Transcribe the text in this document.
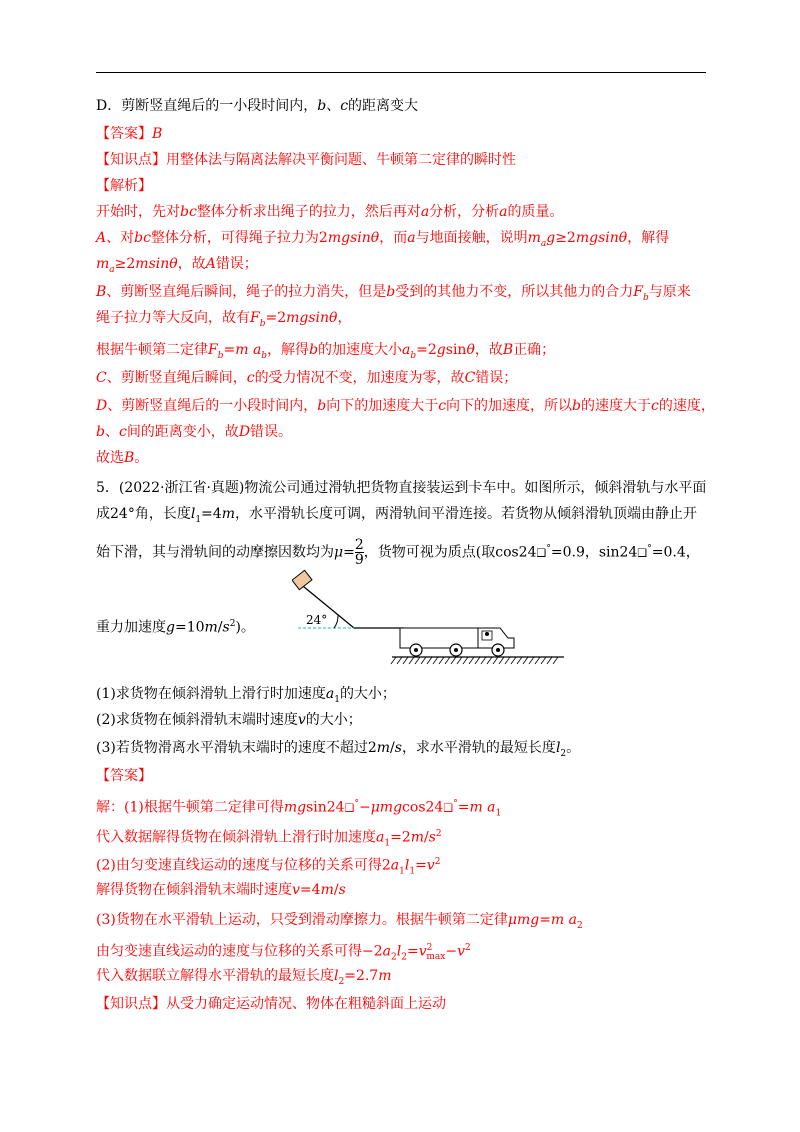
D．剪断竖直绳后的一小段时间内，b、c的距离变大
【答案】B
【知识点】用整体法与隔离法解决平衡问题、牛顿第二定律的瞬时性
【解析】
开始时，先对bc整体分析求出绳子的拉力，然后再对a分析，分析a的质量。
A、对bc整体分析，可得绳子拉力为2mgsinθ，而a与地面接触，说明$m_ag\ge 2mgsin\theta$，解得
$m_a\ge 2msin\theta$，故A错误；
B、剪断竖直绳后瞬间，绳子的拉力消失，但是b受到的其他力不变，所以其他力的合力$F_b$与原来
绳子拉力等大反向，故有$F_b=2mgsin\theta$，
根据牛顿第二定律$F_b=m$ $a_b$，解得b的加速度大小$a_b=2gsin\theta$，故B正确；
C、剪断竖直绳后瞬间，c的受力情况不变，加速度为零，故C错误；
D、剪断竖直绳后的一小段时间内，b向下的加速度大于c向下的加速度，所以b的速度大于c的速度，
b、c间的距离变小，故D错误。
故选B。
5．(2022·浙江省·真题)物流公司通过滑轨把货物直接装运到卡车中。如图所示，倾斜滑轨与水平面
成24°角，长度$l_1=4m$，水平滑轨长度可调，两滑轨间平滑连接。若货物从倾斜滑轨顶端由静止开
始下滑，其与滑轨间的动摩擦因数均为$\mu= \frac{2}{9}$ ，货物可视为质点(取cos24❑°=0.9，sin24❑°=0.4，
重力加速度$g=10m/s^2$)。	24°
(1)求货物在倾斜滑轨上滑行时加速度$a_1$的大小；
(2)求货物在倾斜滑轨末端时速度v的大小；
(3)若货物滑离水平滑轨末端时的速度不超过2m/s，求水平滑轨的最短长度$l_2$。
【答案】
解：(1)根据牛顿第二定律可得mgsin24❑°−μmgcos24❑°=m $a_1$
代入数据解得货物在倾斜滑轨上滑行时加速度$a_1=2m/s^2$
(2)由匀变速直线运动的速度与位移的关系可得$2a_1l_1=v^2$
解得货物在倾斜滑轨末端时速度v=4m/s
(3)货物在水平滑轨上运动，只受到滑动摩擦力。根据牛顿第二定律μmg=m $a_2$
由匀变速直线运动的速度与位移的关系可得$-2a_2l_2=v^2_{max}-v^2$
代入数据联立解得水平滑轨的最短长度$l_2=2.7m$
【知识点】从受力确定运动情况、物体在粗糙斜面上运动
